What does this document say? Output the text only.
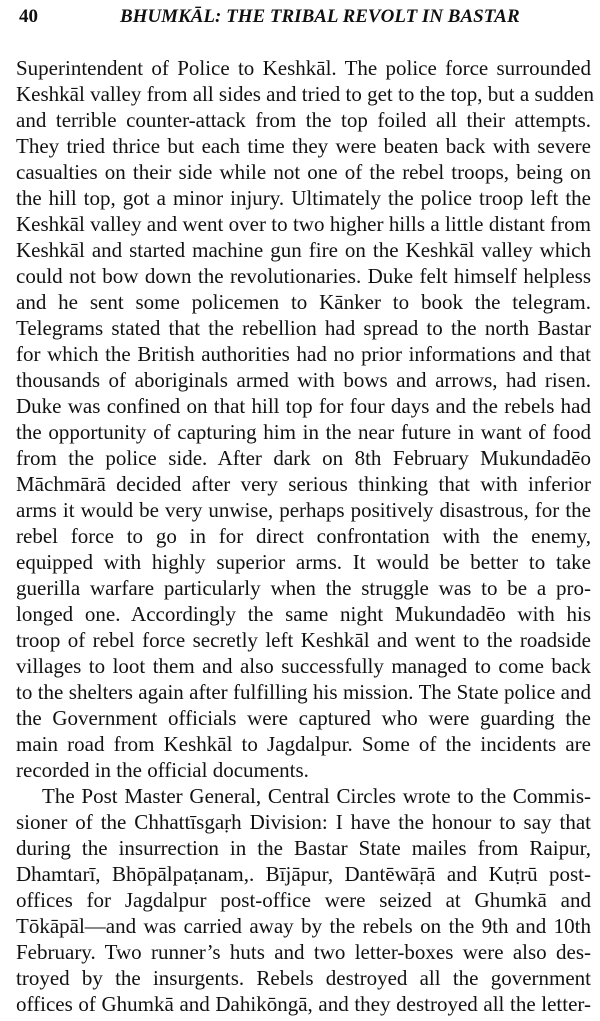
40	BHUMKĀL: THE TRIBAL REVOLT IN BASTAR
Superintendent of Police to Keshkāl. The police force surrounded
Keshkāl valley from all sides and tried to get to the top, but a sudden
and terrible counter-attack from the top foiled all their attempts.
They tried thrice but each time they were beaten back with severe
casualties on their side while not one of the rebel troops, being on
the hill top, got a minor injury. Ultimately the police troop left the
Keshkāl valley and went over to two higher hills a little distant from
Keshkāl and started machine gun fire on the Keshkāl valley which
could not bow down the revolutionaries. Duke felt himself helpless
and he sent some policemen to Kānker to book the telegram.
Telegrams stated that the rebellion had spread to the north Bastar
for which the British authorities had no prior informations and that
thousands of aboriginals armed with bows and arrows, had risen.
Duke was confined on that hill top for four days and the rebels had
the opportunity of capturing him in the near future in want of food
from the police side. After dark on 8th February Mukundadēo
Māchmārā decided after very serious thinking that with inferior
arms it would be very unwise, perhaps positively disastrous, for the
rebel force to go in for direct confrontation with the enemy,
equipped with highly superior arms. It would be better to take
guerilla warfare particularly when the struggle was to be a pro-
longed one. Accordingly the same night Mukundadēo with his
troop of rebel force secretly left Keshkāl and went to the roadside
villages to loot them and also successfully managed to come back
to the shelters again after fulfilling his mission. The State police and
the Government officials were captured who were guarding the
main road from Keshkāl to Jagdalpur. Some of the incidents are
recorded in the official documents.
The Post Master General, Central Circles wrote to the Commis-
sioner of the Chhattīsgaṛh Division: I have the honour to say that
during the insurrection in the Bastar State mailes from Raipur,
Dhamtarī, Bhōpālpaṭanam,. Bījāpur, Dantēwāṛā and Kuṭrū post-
offices for Jagdalpur post-office were seized at Ghumkā and
Tōkāpāl—and was carried away by the rebels on the 9th and 10th
February. Two runner’s huts and two letter-boxes were also des-
troyed by the insurgents. Rebels destroyed all the government
offices of Ghumkā and Dahikōngā, and they destroyed all the letter-
